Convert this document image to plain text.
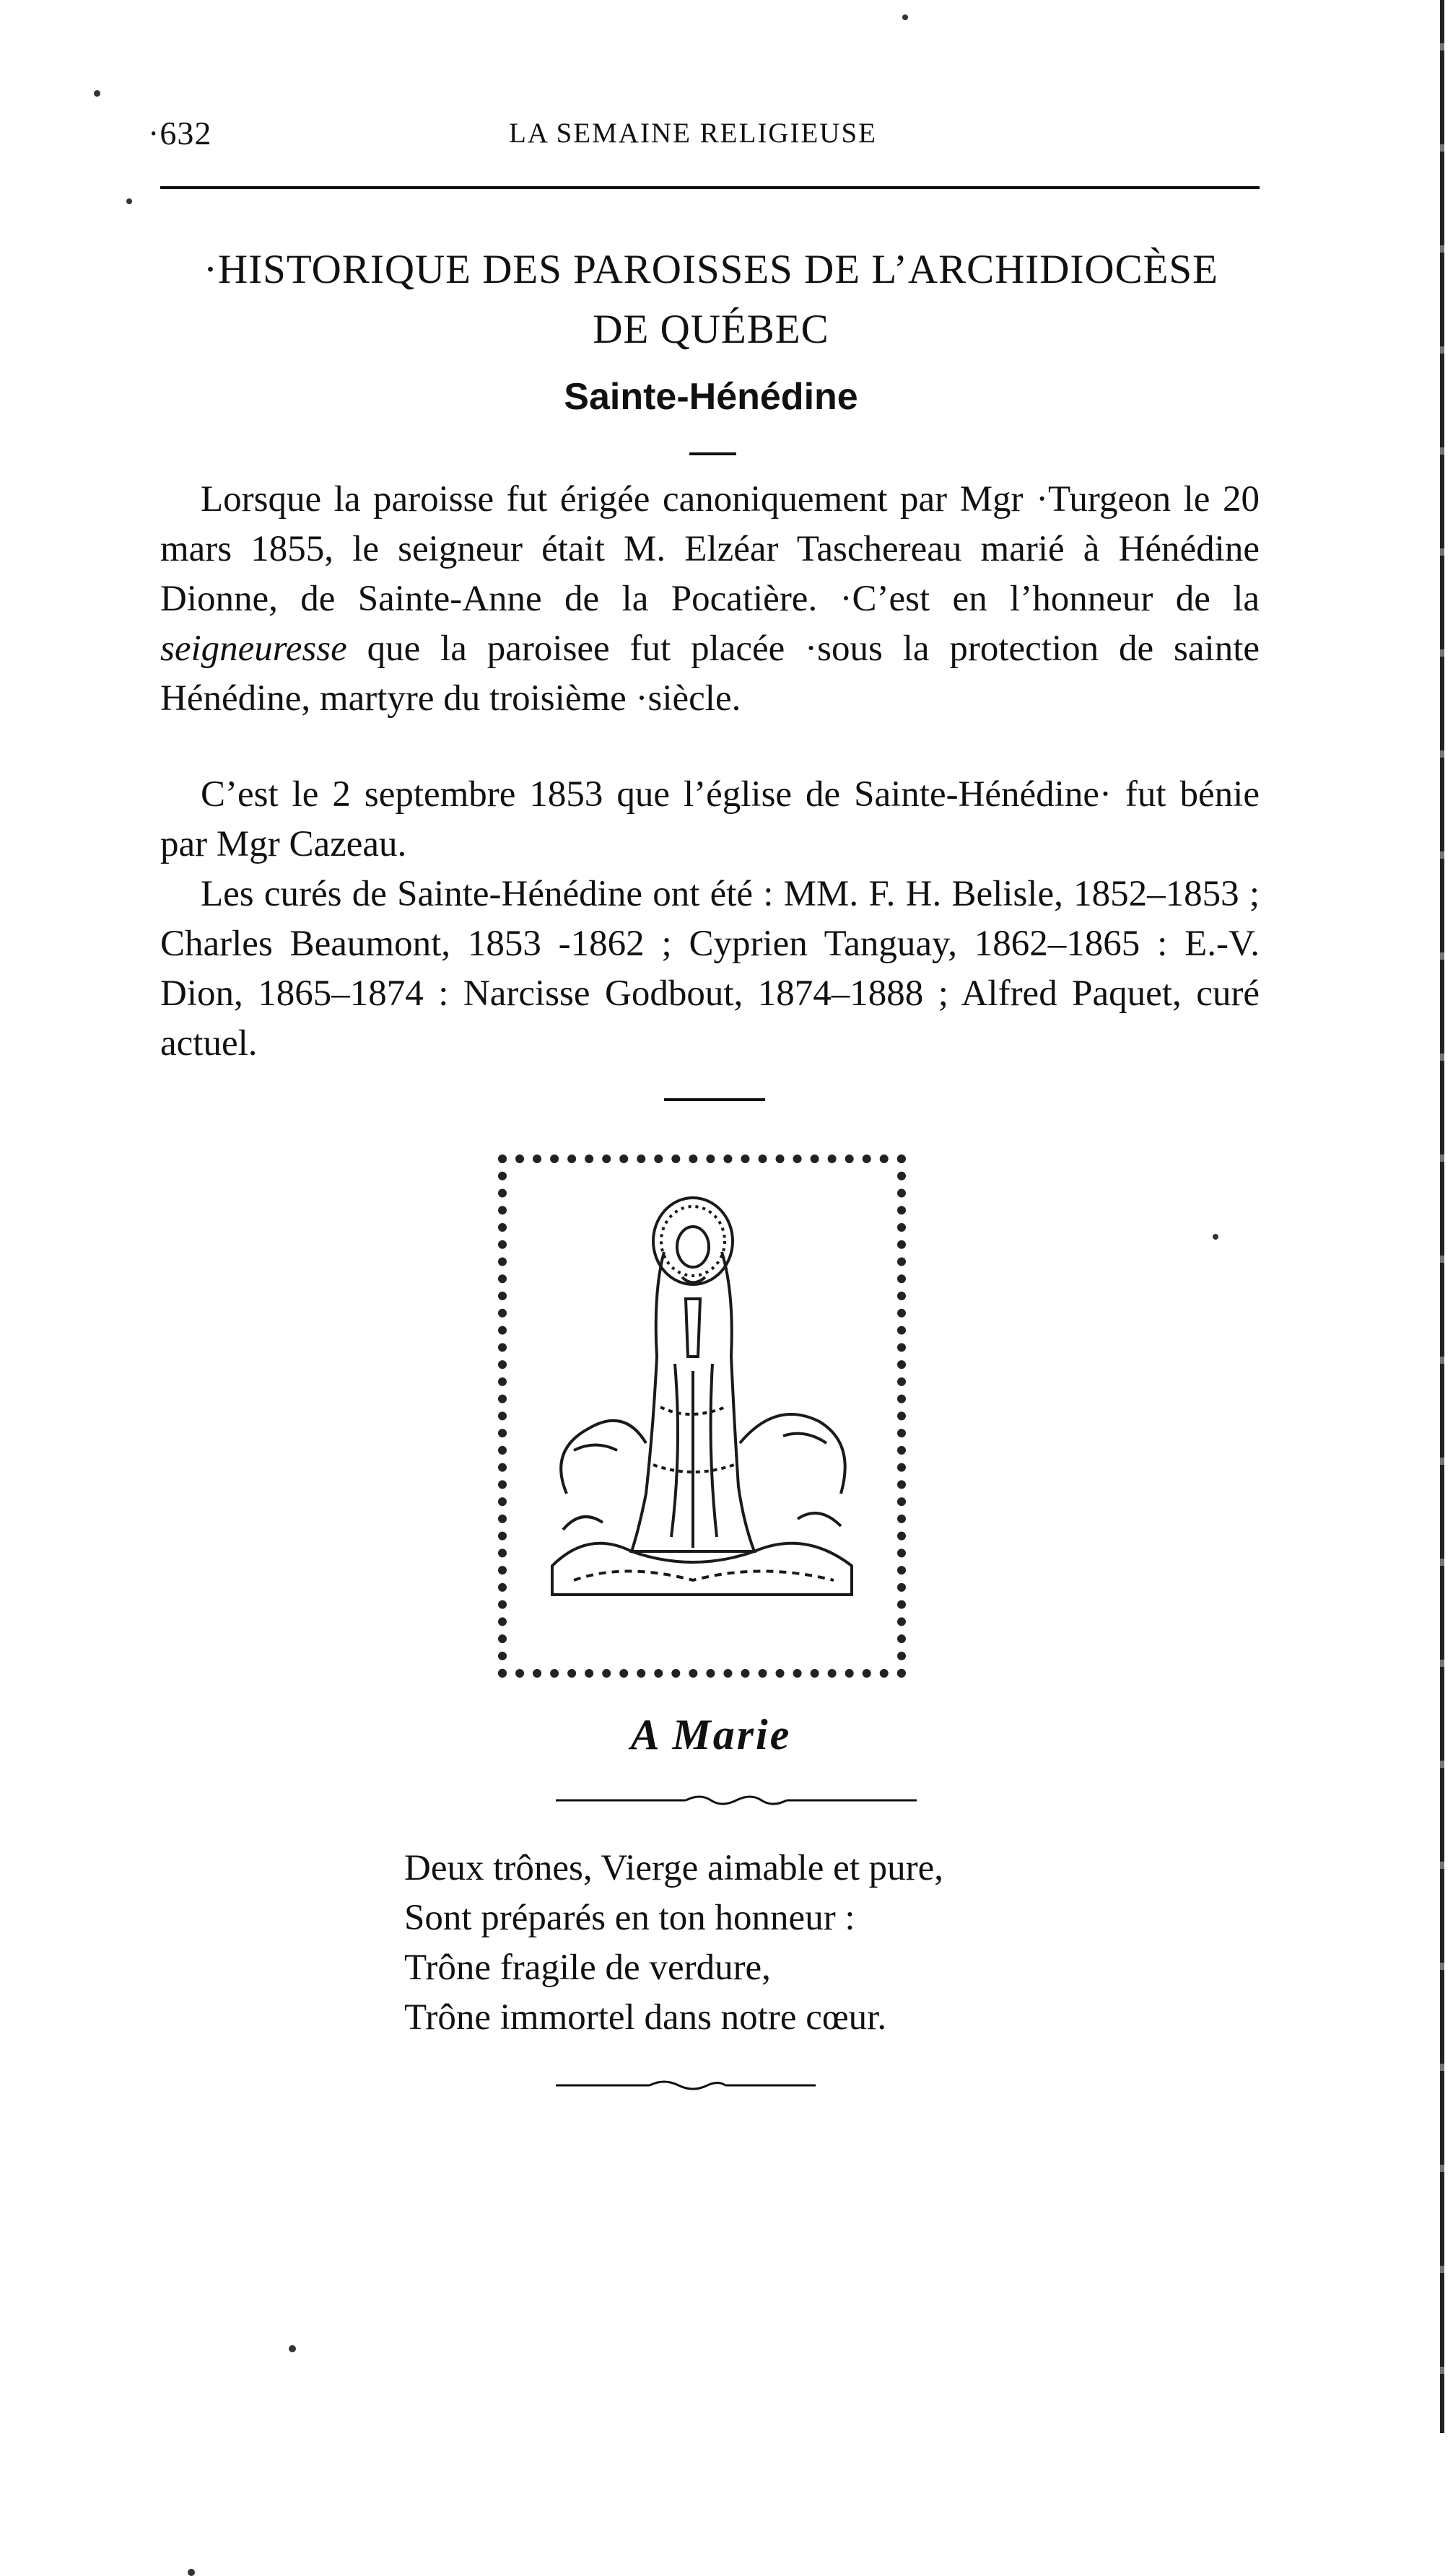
·632	LA SEMAINE RELIGIEUSE
·HISTORIQUE DES PAROISSES DE L’ARCHIDIOCÈSE
DE QUÉBEC
Sainte-Hénédine

Lorsque la paroisse fut érigée canoniquement par Mgr ·Turgeon le 20 mars 1855, le seigneur était M. Elzéar Taschereau marié à Hénédine Dionne, de Sainte-Anne de la Pocatière. ·C’est en l’honneur de la seigneuresse que la paroisee fut placée ·sous la protection de sainte Hénédine, martyre du troisième ·siècle.

C’est le 2 septembre 185͏3 que l’église de Sainte-Hénédine· fut bénie par Mgr Cazeau.

Les curés de Sainte-Hénédine ont été : MM. F. H. Belisle, 1852–1853 ; Charles Beaumont, 1853 -1862 ; Cyprien Tanguay, 1862–1865 : E.-V. Dion, 1865–1874 : Narcisse Godbout, 1874–1888 ; Alfred Paquet, curé actuel.

A Marie
Deux trônes, Vierge aimable et pure,
Sont préparés en ton honneur :
Trône fragile de verdure,
Trône immortel dans notre cœur.
